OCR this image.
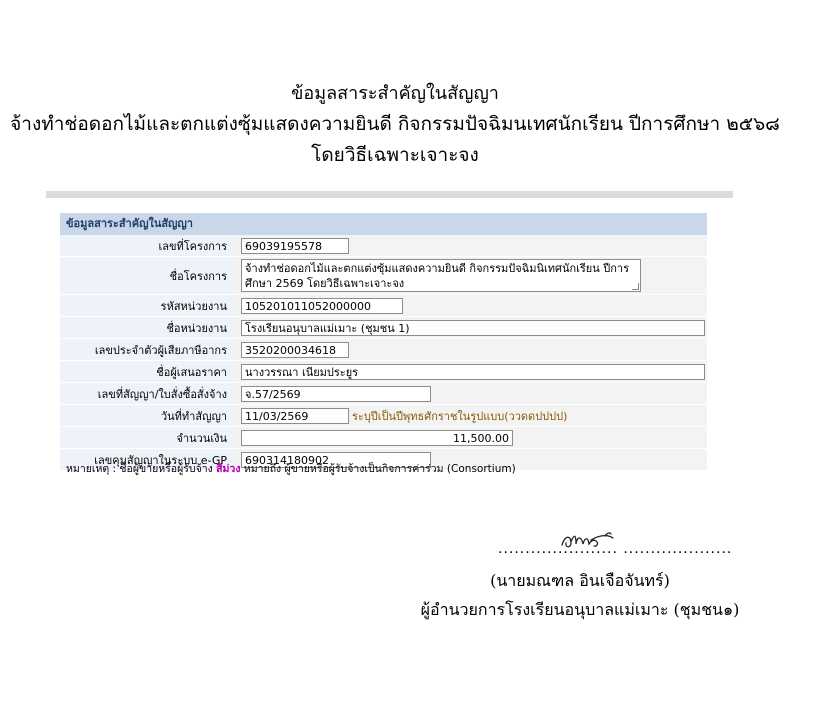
ข้อมูลสาระสำคัญในสัญญา
จ้างทำช่อดอกไม้และตกแต่งซุ้มแสดงความยินดี กิจกรรมปัจฉิมนเทศนักเรียน ปีการศึกษา ๒๕๖๘
โดยวิธีเฉพาะเจาะจง
ข้อมูลสาระสำคัญในสัญญา
เลขที่โครงการ	69039195578
ชื่อโครงการ
จ้างทำช่อดอกไม้และตกแต่งซุ้มแสดงความยินดี กิจกรรมปัจฉิมนิเทศนักเรียน ปีการศึกษา 2569 โดยวิธีเฉพาะเจาะจง
รหัสหน่วยงาน	105201011052000000
ชื่อหน่วยงาน	โรงเรียนอนุบาลแม่เมาะ (ชุมชน 1)
เลขประจำตัวผู้เสียภาษีอากร	3520200034618
ชื่อผู้เสนอราคา	นางวรรณา เนียมประยูร
เลขที่สัญญา/ใบสั่งซื้อสั่งจ้าง	จ.57/2569
วันที่ทำสัญญา	11/03/2569	ระบุปีเป็นปีพุทธศักราชในรูปแบบ(ววดดปปปป)
จำนวนเงิน	11,500.00
เลขคุมสัญญาในระบบ e-GP	690314180902
หมายเหตุ : ชื่อผู้ขายหรือผู้รับจ้าง สีม่วง หมายถึง ผู้ขายหรือผู้รับจ้างเป็นกิจการค่าร่วม (Consortium)
...................... ....................
(นายมณฑล อินเจือจันทร์)
ผู้อำนวยการโรงเรียนอนุบาลแม่เมาะ (ชุมชน๑)
